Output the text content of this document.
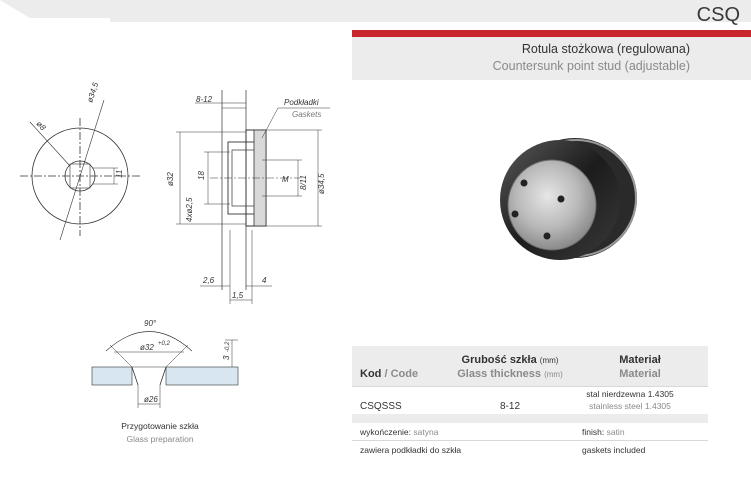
CSQ
Rotula stożkowa (regulowana)
Countersunk point stud (adjustable)
ø34,5
ø8
11
8-12	Podkładki
Gaskets
ø32	18
4xø2,5
M 8/11 ø34,5
2,6	4
1,5
90°
ø32 +0,2
3
-0,2
ø26
Przygotowanie szkła
Glass preparation
Kod / Code
Grubość szkła (mm)
Glass thickness (mm)
Materiał
Material
CSQSSS	8-12
stal nierdzewna 1.4305
stainless steel 1.4305
wykończenie: satyna	finish: satin
zawiera podkładki do szkła	gaskets included
